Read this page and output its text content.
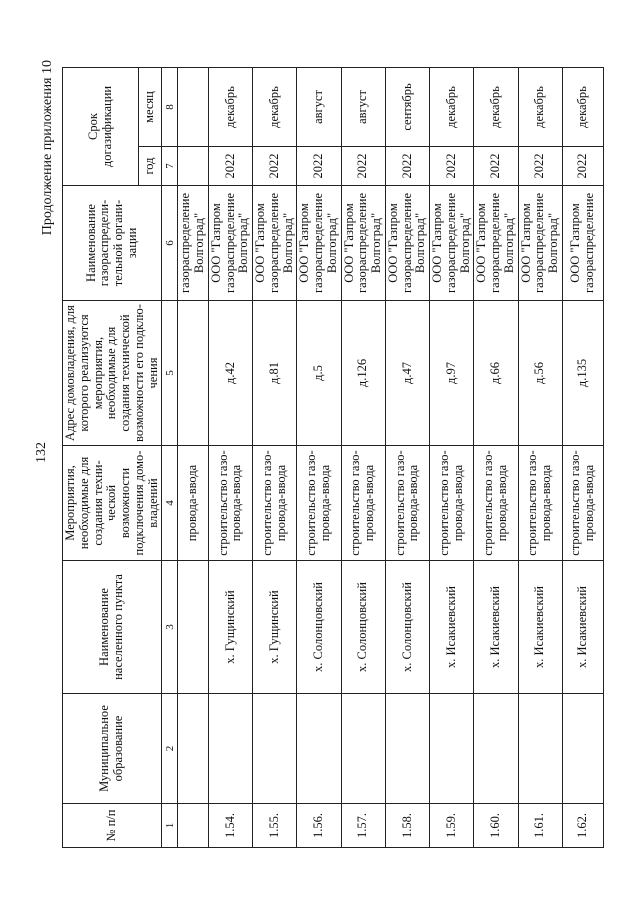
132
Продолжение приложения 10
№ п/п	Муниципальное образование	Наименование населенного пункта	Мероприятия, необходимые для создания техни-ческой возможности подключения домо-владений	Адрес домовладения, для которого реализуются мероприятия, необходимые для создания технической возможности его подклю-чения	Наименование газораспредели-тельной органи-зации	Срок догазификации	
						год	месяц
1	2	3	4	5	6	7	8
			провода-ввода		газораспределение Волгоград"		
1.54.		х. Гущинский	строительство газо-провода-ввода	д.42	ООО "Газпром газораспределение Волгоград"	2022	декабрь
1.55.		х. Гущинский	строительство газо-провода-ввода	д.81	ООО "Газпром газораспределение Волгоград"	2022	декабрь
1.56.		х. Солонцовский	строительство газо-провода-ввода	д.5	ООО "Газпром газораспределение Волгоград"	2022	август
1.57.		х. Солонцовский	строительство газо-провода-ввода	д.126	ООО "Газпром газораспределение Волгоград"	2022	август
1.58.		х. Солонцовский	строительство газо-провода-ввода	д.47	ООО "Газпром газораспределение Волгоград"	2022	сентябрь
1.59.		х. Исакиевский	строительство газо-провода-ввода	д.97	ООО "Газпром газораспределение Волгоград"	2022	декабрь
1.60.		х. Исакиевский	строительство газо-провода-ввода	д.66	ООО "Газпром газораспределение Волгоград"	2022	декабрь
1.61.		х. Исакиевский	строительство газо-провода-ввода	д.56	ООО "Газпром газораспределение Волгоград"	2022	декабрь
1.62.		х. Исакиевский	строительство газо-провода-ввода	д.135	ООО "Газпром газораспределение	2022	декабрь
